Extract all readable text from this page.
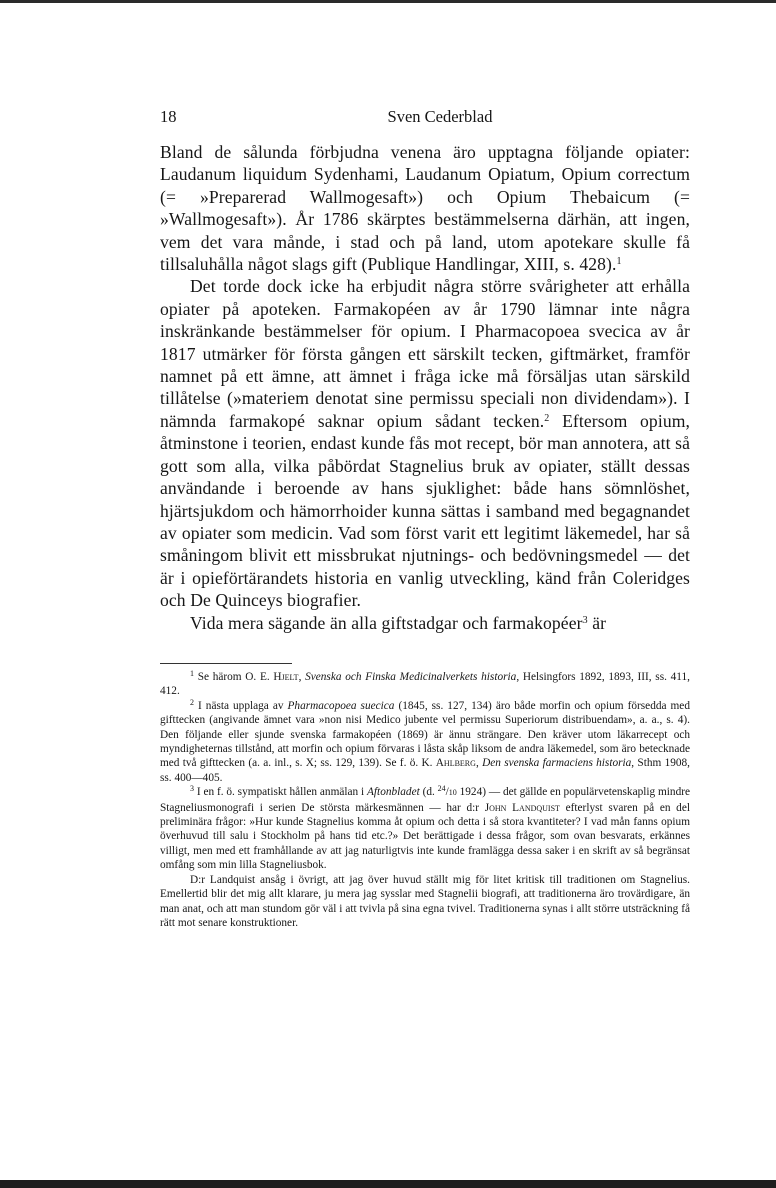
18	Sven Cederblad

Bland de sålunda förbjudna venena äro upptagna följande opiater: Laudanum liquidum Sydenhami, Laudanum Opiatum, Opium correctum (= »Preparerad Wallmogesaft») och Opium Thebaicum (= »Wallmogesaft»). År 1786 skärptes bestämmelserna därhän, att ingen, vem det vara månde, i stad och på land, utom apotekare skulle få tillsaluhålla något slags gift (Publique Handlingar, XIII, s. 428).$^1$

Det torde dock icke ha erbjudit några större svårigheter att erhålla opiater på apoteken. Farmakopéen av år 1790 lämnar inte några inskränkande bestämmelser för opium. I Pharmacopoea svecica av år 1817 utmärker för första gången ett särskilt tecken, giftmärket, framför namnet på ett ämne, att ämnet i fråga icke må försäljas utan särskild tillåtelse (»materiem denotat sine permissu speciali non dividendam»). I nämnda farmakopé saknar opium sådant tecken.$^2$ Eftersom opium, åtminstone i teorien, endast kunde fås mot recept, bör man annotera, att så gott som alla, vilka påbördat Stagnelius bruk av opiater, ställt dessas användande i beroende av hans sjuklighet: både hans sömnlöshet, hjärtsjukdom och hämorrhoider kunna sättas i samband med begagnandet av opiater som medicin. Vad som först varit ett legitimt läkemedel, har så småningom blivit ett missbrukat njutnings- och bedövningsmedel — det är i opieförtärandets historia en vanlig utveckling, känd från Coleridges och De Quinceys biografier.

Vida mera sägande än alla giftstadgar och farmakopéer$^3$ är

$^1$ Se härom O. E. Hjelt, Svenska och Finska Medicinalverkets historia, Helsingfors 1892, 1893, III, ss. 411, 412.

$^2$ I nästa upplaga av Pharmacopoea suecica (1845, ss. 127, 134) äro både morfin och opium försedda med gifttecken (angivande ämnet vara »non nisi Medico jubente vel permissu Superiorum distribuendam», a. a., s. 4). Den följande eller sjunde svenska farmakopéen (1869) är ännu strängare. Den kräver utom läkarrecept och myndigheternas tillstånd, att morfin och opium förvaras i låsta skåp liksom de andra läkemedel, som äro betecknade med två gifttecken (a. a. inl., s. X; ss. 129, 139). Se f. ö. K. Ahlberg, Den svenska farmaciens historia, Sthm 1908, ss. 400—405.

$^3$ I en f. ö. sympatiskt hållen anmälan i Aftonbladet (d. $^{24}$/10 1924) — det gällde en populärvetenskaplig mindre Stagneliusmonografi i serien De största märkesmännen — har d:r John Landquist efterlyst svaren på en del preliminära frågor: »Hur kunde Stagnelius komma åt opium och detta i så stora kvantiteter? I vad mån fanns opium överhuvud till salu i Stockholm på hans tid etc.?» Det berättigade i dessa frågor, som ovan besvarats, erkännes villigt, men med ett framhållande av att jag naturligtvis inte kunde framlägga dessa saker i en skrift av så begränsat omfång som min lilla Stagneliusbok.

D:r Landquist ansåg i övrigt, att jag över huvud ställt mig för litet kritisk till traditionen om Stagnelius. Emellertid blir det mig allt klarare, ju mera jag sysslar med Stagnelii biografi, att traditionerna äro trovärdigare, än man anat, och att man stundom gör väl i att tvivla på sina egna tvivel. Traditionerna synas i allt större utsträckning få rätt mot senare konstruktioner.
